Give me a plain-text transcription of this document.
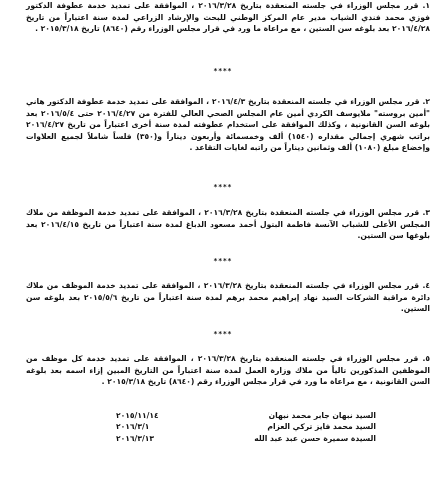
١. قرر مجلس الوزراء في جلسته المنعقدة بتاريخ ٢٠١٦/٣/٢٨ ، الموافقة على تمديد خدمة عطوفة الدكتور فوزي محمد فندي الشياب مدير عام المركز الوطني للبحث والإرشاد الزراعي لمدة سنة اعتباراً من تاريخ ٢٠١٦/٤/٢٨ بعد بلوغه سن الستين ، مع مراعاة ما ورد في قرار مجلس الوزراء رقم (٨٦٤٠) تاريخ ٢٠١٥/٣/١٨ .
****
٢. قرر مجلس الوزراء في جلسته المنعقدة بتاريخ ٢٠١٦/٤/٣ ، الموافقة على تمديد خدمة عطوفة الدكتور هاني "أمين بروسته" ملايوسف الكردي أمين عام المجلس الصحي العالي للفترة من ٢٠١٦/٤/٢٧ حتى ٢٠١٦/٥/٤ بعد بلوغه السن القانونية ، وكذلك الموافقة على استخدام عطوفته لمدة سنة أخرى اعتباراً من تاريخ ٢٠١٦/٤/٢٧ براتب شهري إجمالي مقداره (١٥٤٠) ألف وخمسمائة وأربعون ديناراً و(٣٥٠) فلساً شاملاً لجميع العلاوات وإخضاع مبلغ (١٠٨٠) ألف وثمانين ديناراً من راتبه لغايات التقاعد .
****
٣. قرر مجلس الوزراء في جلسته المنعقدة بتاريخ ٢٠١٦/٣/٢٨ ، الموافقة على تمديد خدمة الموظفة من ملاك المجلس الأعلى للشباب الآنسة فاطمة البتول أحمد مسعود الدباغ لمدة سنة اعتباراً من تاريخ ٢٠١٦/٤/١٥ بعد بلوغها سن الستين.
****
٤. قرر مجلس الوزراء في جلسته المنعقدة بتاريخ ٢٠١٦/٣/٢٨ ، الموافقة على تمديد خدمة الموظف من ملاك دائرة مراقبة الشركات السيد نهاد إبراهيم محمد برهم لمدة سنة اعتباراً من تاريخ ٢٠١٥/٥/٦ بعد بلوغه سن الستين.
****
٥. قرر مجلس الوزراء في جلسته المنعقدة بتاريخ ٢٠١٦/٣/٢٨ ، الموافقة على تمديد خدمة كل موظف من الموظفين المذكورين تالياً من ملاك وزارة العمل لمدة سنة اعتباراً من التاريخ المبين إزاء اسمه بعد بلوغه السن القانونية ، مع مراعاة ما ورد في قرار مجلس الوزراء رقم (٨٦٤٠) تاريخ ٢٠١٥/٣/١٨ .
السيد نبهان جابر محمد نبهان
٢٠١٥/١١/١٤
السيد محمد فايز تركي العزام
٢٠١٦/٣/١
السيدة سميرة حسن عبد عبد الله
٢٠١٦/٣/١٣
